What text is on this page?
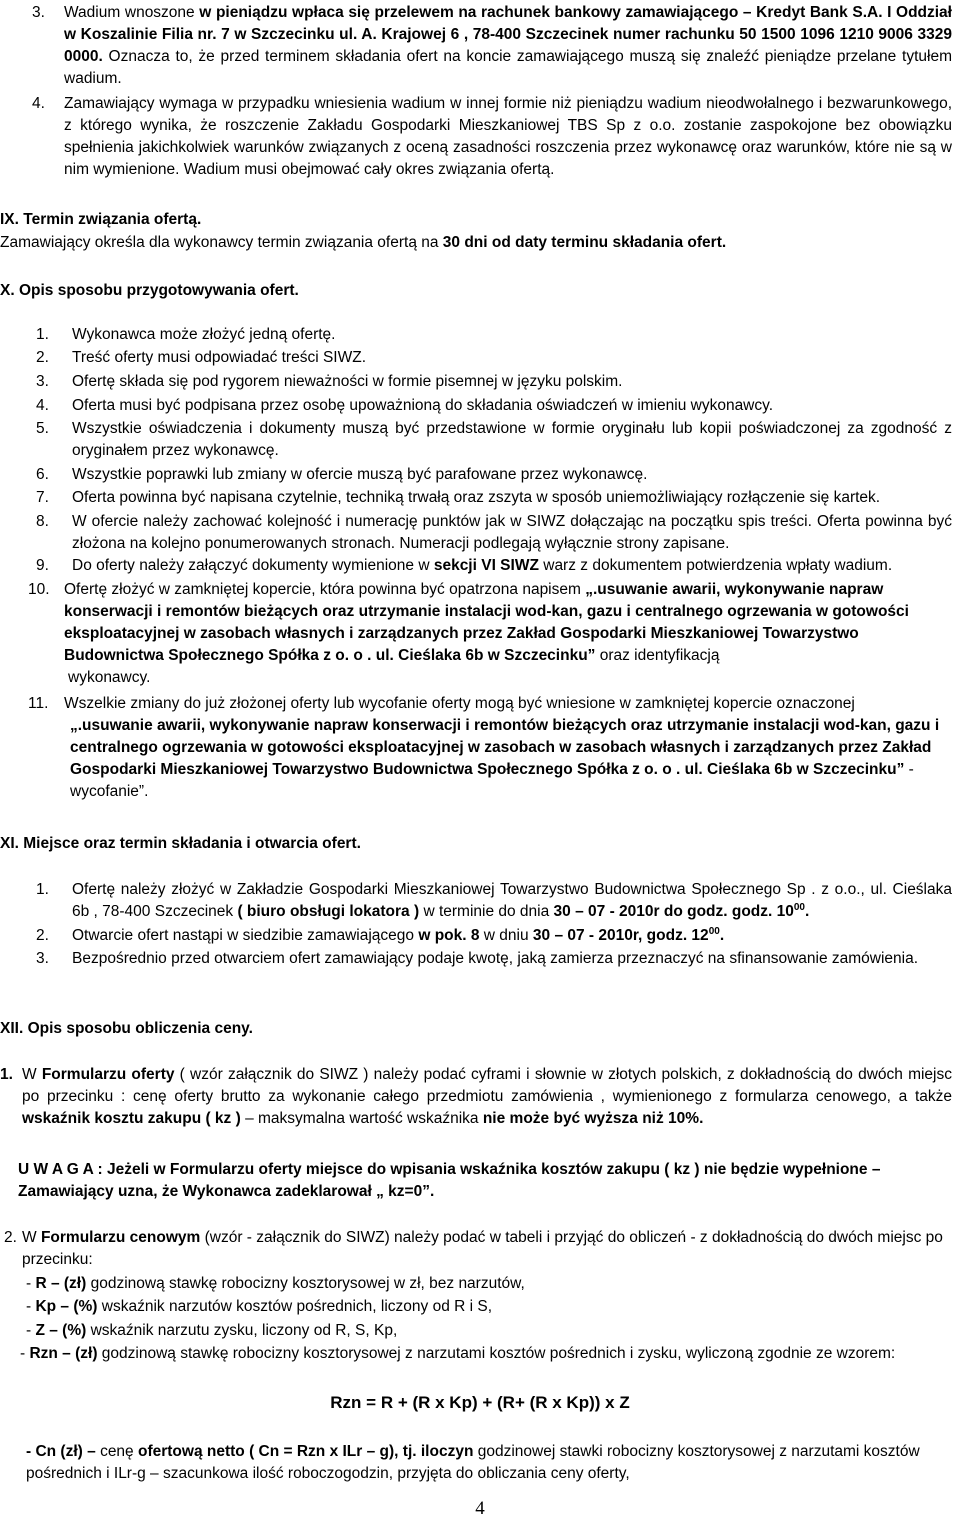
3. Wadium wnoszone w pieniądzu wpłaca się przelewem na rachunek bankowy zamawiającego – Kredyt Bank S.A. I Oddział w Koszalinie Filia nr. 7 w Szczecinku ul. A. Krajowej 6 , 78-400 Szczecinek numer rachunku 50 1500 1096 1210 9006 3329 0000. Oznacza to, że przed terminem składania ofert na koncie zamawiającego muszą się znaleźć pieniądze przelane tytułem wadium.
4. Zamawiający wymaga w przypadku wniesienia wadium w innej formie niż pieniądzu wadium nieodwołalnego i bezwarunkowego, z którego wynika, że roszczenie Zakładu Gospodarki Mieszkaniowej TBS Sp z o.o. zostanie zaspokojone bez obowiązku spełnienia jakichkolwiek warunków związanych z oceną zasadności roszczenia przez wykonawcę oraz warunków, które nie są w nim wymienione. Wadium musi obejmować cały okres związania ofertą.
IX. Termin związania ofertą.
Zamawiający określa dla wykonawcy termin związania ofertą na 30 dni od daty terminu składania ofert.
X. Opis sposobu przygotowywania ofert.
1. Wykonawca może złożyć jedną ofertę.
2. Treść oferty musi odpowiadać treści SIWZ.
3. Ofertę składa się pod rygorem nieważności w formie pisemnej w języku polskim.
4. Oferta musi być podpisana przez osobę upoważnioną do składania oświadczeń w imieniu wykonawcy.
5. Wszystkie oświadczenia i dokumenty muszą być przedstawione w formie oryginału lub kopii poświadczonej za zgodność z oryginałem przez wykonawcę.
6. Wszystkie poprawki lub zmiany w ofercie muszą być parafowane przez wykonawcę.
7. Oferta powinna być napisana czytelnie, techniką trwałą oraz zszyta w sposób uniemożliwiający rozłączenie się kartek.
8. W ofercie należy zachować kolejność i numerację punktów jak w SIWZ dołączając na początku spis treści. Oferta powinna być złożona na kolejno ponumerowanych stronach. Numeracji podlegają wyłącznie strony zapisane.
9. Do oferty należy załączyć dokumenty wymienione w sekcji VI SIWZ warz z dokumentem potwierdzenia wpłaty wadium.
10. Ofertę złożyć w zamkniętej kopercie, która powinna być opatrzona napisem „.usuwanie awarii, wykonywanie napraw konserwacji i remontów bieżących oraz utrzymanie instalacji wod-kan, gazu i centralnego ogrzewania w gotowości eksploatacyjnej w zasobach własnych i zarządzanych przez Zakład Gospodarki Mieszkaniowej Towarzystwo Budownictwa Społecznego Spółka z o. o . ul. Cieślaka 6b w Szczecinku” oraz identyfikacją
wykonawcy.
11. Wszelkie zmiany do już złożonej oferty lub wycofanie oferty mogą być wniesione w zamkniętej kopercie oznaczonej
„.usuwanie awarii, wykonywanie napraw konserwacji i remontów bieżących oraz utrzymanie instalacji wod-kan, gazu i centralnego ogrzewania w gotowości eksploatacyjnej w zasobach w zasobach własnych i zarządzanych przez Zakład Gospodarki Mieszkaniowej Towarzystwo Budownictwa Społecznego Spółka z o. o . ul. Cieślaka 6b w Szczecinku” - wycofanie”.
XI. Miejsce oraz termin składania i otwarcia ofert.
1. Ofertę należy złożyć w Zakładzie Gospodarki Mieszkaniowej Towarzystwo Budownictwa Społecznego Sp . z o.o., ul. Cieślaka 6b , 78-400 Szczecinek ( biuro obsługi lokatora ) w terminie do dnia 30 – 07 - 2010r do godz. godz. $10^{00}$.
2. Otwarcie ofert nastąpi w siedzibie zamawiającego w pok. 8 w dniu 30 – 07 - 2010r, godz. $12^{00}$.
3. Bezpośrednio przed otwarciem ofert zamawiający podaje kwotę, jaką zamierza przeznaczyć na sfinansowanie zamówienia.
XII. Opis sposobu obliczenia ceny.
1. W Formularzu oferty ( wzór załącznik do SIWZ ) należy podać cyframi i słownie w złotych polskich, z dokładnością do dwóch miejsc po przecinku : cenę oferty brutto za wykonanie całego przedmiotu zamówienia , wymienionego z formularza cenowego, a także wskaźnik kosztu zakupu ( kz ) – maksymalna wartość wskaźnika nie może być wyższa niż 10%.
U W A G A : Jeżeli w Formularzu oferty miejsce do wpisania wskaźnika kosztów zakupu ( kz ) nie będzie wypełnione – Zamawiający uzna, że Wykonawca zadeklarował „ kz=0”.
2. W Formularzu cenowym (wzór - załącznik do SIWZ) należy podać w tabeli i przyjąć do obliczeń - z dokładnością do dwóch miejsc po przecinku:
- R – (zł) godzinową stawkę robocizny kosztorysowej w zł, bez narzutów,
- Kp – (%) wskaźnik narzutów kosztów pośrednich, liczony od R i S,
- Z – (%) wskaźnik narzutu zysku, liczony od R, S, Kp,
- Rzn – (zł) godzinową stawkę robocizny kosztorysowej z narzutami kosztów pośrednich i zysku, wyliczoną zgodnie ze wzorem:
Rzn = R + (R x Kp) + (R+ (R x Kp)) x Z
- Cn (zł) – cenę ofertową netto ( Cn = Rzn x ILr – g), tj. iloczyn godzinowej stawki robocizny kosztorysowej z narzutami kosztów pośrednich i ILr-g – szacunkowa ilość roboczogodzin, przyjęta do obliczania ceny oferty,
4
